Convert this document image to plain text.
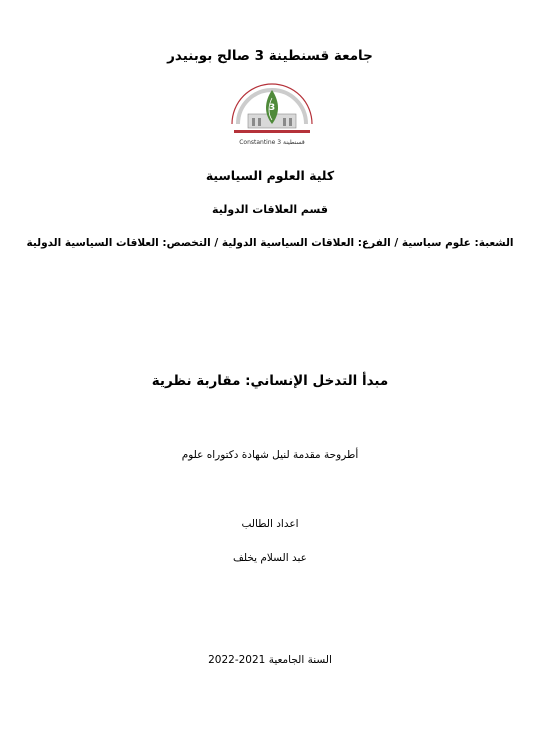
جامعة قسنطينة 3 صالح بوبنيدر
3
Constantine 3 قسنطينة
كلية العلوم السياسية
قسم العلاقات الدولية
الشعبة: علوم سياسية / الفرع: العلاقات السياسية الدولية / التخصص: العلاقات السياسية الدولية
مبدأ التدخل الإنساني: مقاربة نظرية
أطروحة مقدمة لنيل شهادة دكتوراه علوم
اعداد الطالب
عبد السلام يخلف
السنة الجامعية 2021-2022
